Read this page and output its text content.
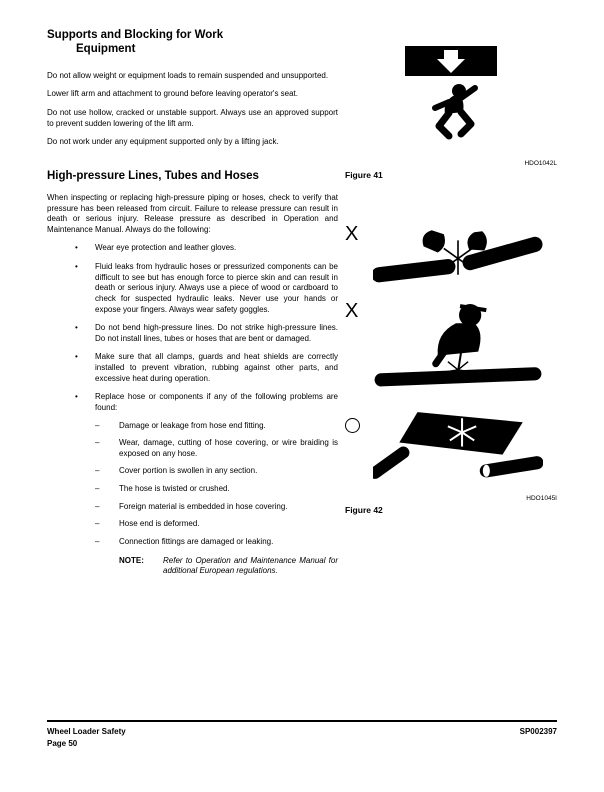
Supports and Blocking for Work
Equipment

Do not allow weight or equipment loads to remain suspended and unsupported.

Lower lift arm and attachment to ground before leaving operator's seat.

Do not use hollow, cracked or unstable support. Always use an approved support to prevent sudden lowering of the lift arm.

Do not work under any equipment supported only by a lifting jack.

High-pressure Lines, Tubes and Hoses

When inspecting or replacing high-pressure piping or hoses, check to verify that pressure has been released from circuit. Failure to release pressure can result in death or serious injury. Release pressure as described in Operation and Maintenance Manual. Always do the following:

•	Wear eye protection and leather gloves.
•	Fluid leaks from hydraulic hoses or pressurized components can be difficult to see but has enough force to pierce skin and can result in death or serious injury. Always use a piece of wood or cardboard to check for suspected hydraulic leaks. Never use your hands or expose your fingers. Always wear safety goggles.
•	Do not bend high-pressure lines. Do not strike high-pressure lines. Do not install lines, tubes or hoses that are bent or damaged.
•	Make sure that all clamps, guards and heat shields are correctly installed to prevent vibration, rubbing against other parts, and excessive heat during operation.
•	Replace hose or components if any of the following problems are found:
–	Damage or leakage from hose end fitting.
–	Wear, damage, cutting of hose covering, or wire braiding is exposed on any hose.
–	Cover portion is swollen in any section.
–	The hose is twisted or crushed.
–	Foreign material is embedded in hose covering.
–	Hose end is deformed.
–	Connection fittings are damaged or leaking.
NOTE:	Refer to Operation and Maintenance Manual for additional European regulations.
HDO1042L
Figure 41
X
X
HDO1045I
Figure 42
Wheel Loader Safety
Page 50
SP002397
